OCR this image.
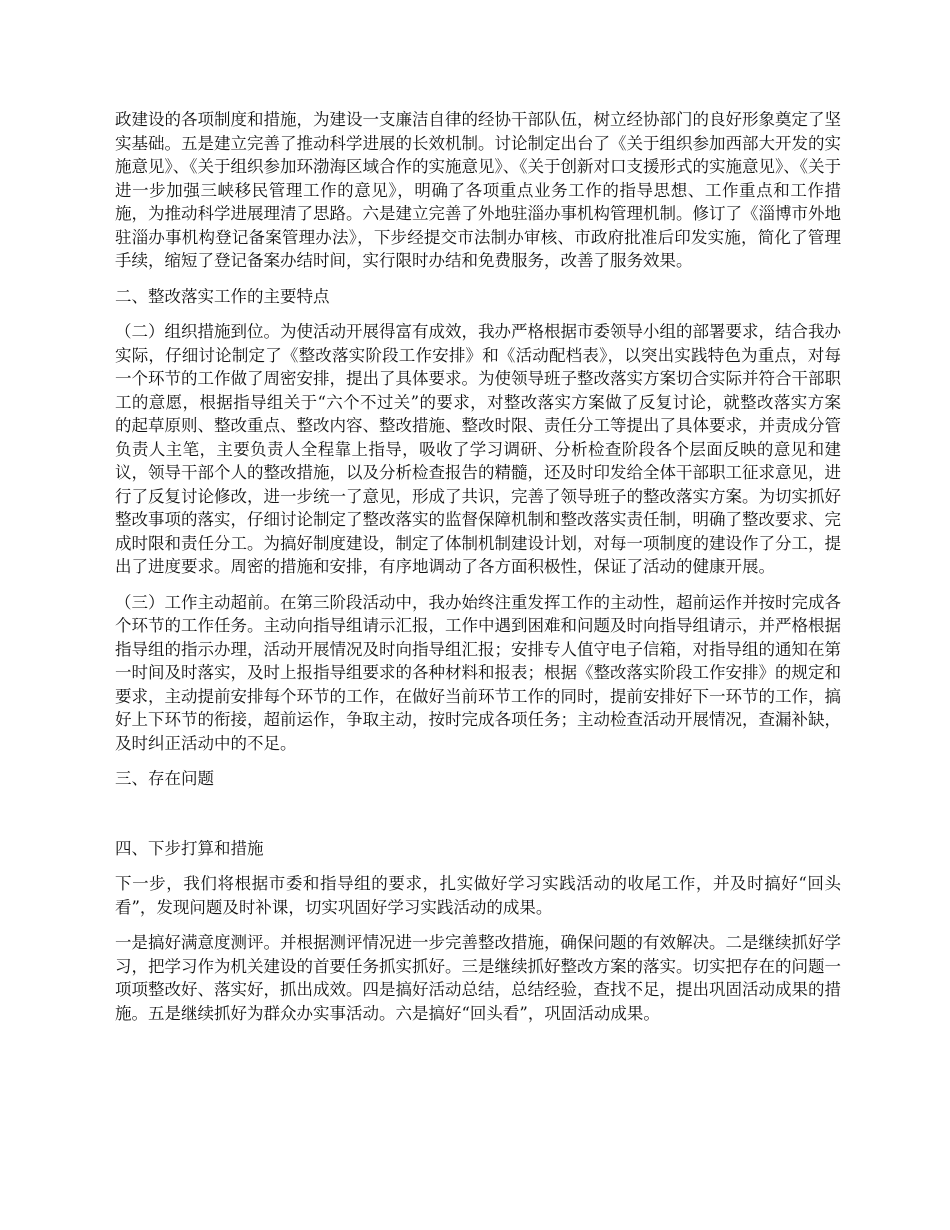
政建设的各项制度和措施，为建设一支廉洁自律的经协干部队伍，树立经协部门的良好形象奠定了坚实基础。五是建立完善了推动科学进展的长效机制。讨论制定出台了《关于组织参加西部大开发的实施意见》、《关于组织参加环渤海区域合作的实施意见》、《关于创新对口支援形式的实施意见》、《关于进一步加强三峡移民管理工作的意见》，明确了各项重点业务工作的指导思想、工作重点和工作措施，为推动科学进展理清了思路。六是建立完善了外地驻淄办事机构管理机制。修订了《淄博市外地驻淄办事机构登记备案管理办法》，下步经提交市法制办审核、市政府批准后印发实施，简化了管理手续，缩短了登记备案办结时间，实行限时办结和免费服务，改善了服务效果。

二、整改落实工作的主要特点

（二）组织措施到位。为使活动开展得富有成效，我办严格根据市委领导小组的部署要求，结合我办实际，仔细讨论制定了《整改落实阶段工作安排》和《活动配档表》，以突出实践特色为重点，对每一个环节的工作做了周密安排，提出了具体要求。为使领导班子整改落实方案切合实际并符合干部职工的意愿，根据指导组关于“六个不过关”的要求，对整改落实方案做了反复讨论，就整改落实方案的起草原则、整改重点、整改内容、整改措施、整改时限、责任分工等提出了具体要求，并责成分管负责人主笔，主要负责人全程靠上指导，吸收了学习调研、分析检查阶段各个层面反映的意见和建议，领导干部个人的整改措施，以及分析检查报告的精髓，还及时印发给全体干部职工征求意见，进行了反复讨论修改，进一步统一了意见，形成了共识，完善了领导班子的整改落实方案。为切实抓好整改事项的落实，仔细讨论制定了整改落实的监督保障机制和整改落实责任制，明确了整改要求、完成时限和责任分工。为搞好制度建设，制定了体制机制建设计划，对每一项制度的建设作了分工，提出了进度要求。周密的措施和安排，有序地调动了各方面积极性，保证了活动的健康开展。

（三）工作主动超前。在第三阶段活动中，我办始终注重发挥工作的主动性，超前运作并按时完成各个环节的工作任务。主动向指导组请示汇报，工作中遇到困难和问题及时向指导组请示，并严格根据指导组的指示办理，活动开展情况及时向指导组汇报；安排专人值守电子信箱，对指导组的通知在第一时间及时落实，及时上报指导组要求的各种材料和报表；根据《整改落实阶段工作安排》的规定和要求，主动提前安排每个环节的工作，在做好当前环节工作的同时，提前安排好下一环节的工作，搞好上下环节的衔接，超前运作，争取主动，按时完成各项任务；主动检查活动开展情况，查漏补缺，及时纠正活动中的不足。

三、存在问题

四、下步打算和措施

下一步，我们将根据市委和指导组的要求，扎实做好学习实践活动的收尾工作，并及时搞好“回头看”，发现问题及时补课，切实巩固好学习实践活动的成果。

一是搞好满意度测评。并根据测评情况进一步完善整改措施，确保问题的有效解决。二是继续抓好学习，把学习作为机关建设的首要任务抓实抓好。三是继续抓好整改方案的落实。切实把存在的问题一项项整改好、落实好，抓出成效。四是搞好活动总结，总结经验，查找不足，提出巩固活动成果的措施。五是继续抓好为群众办实事活动。六是搞好“回头看”，巩固活动成果。
